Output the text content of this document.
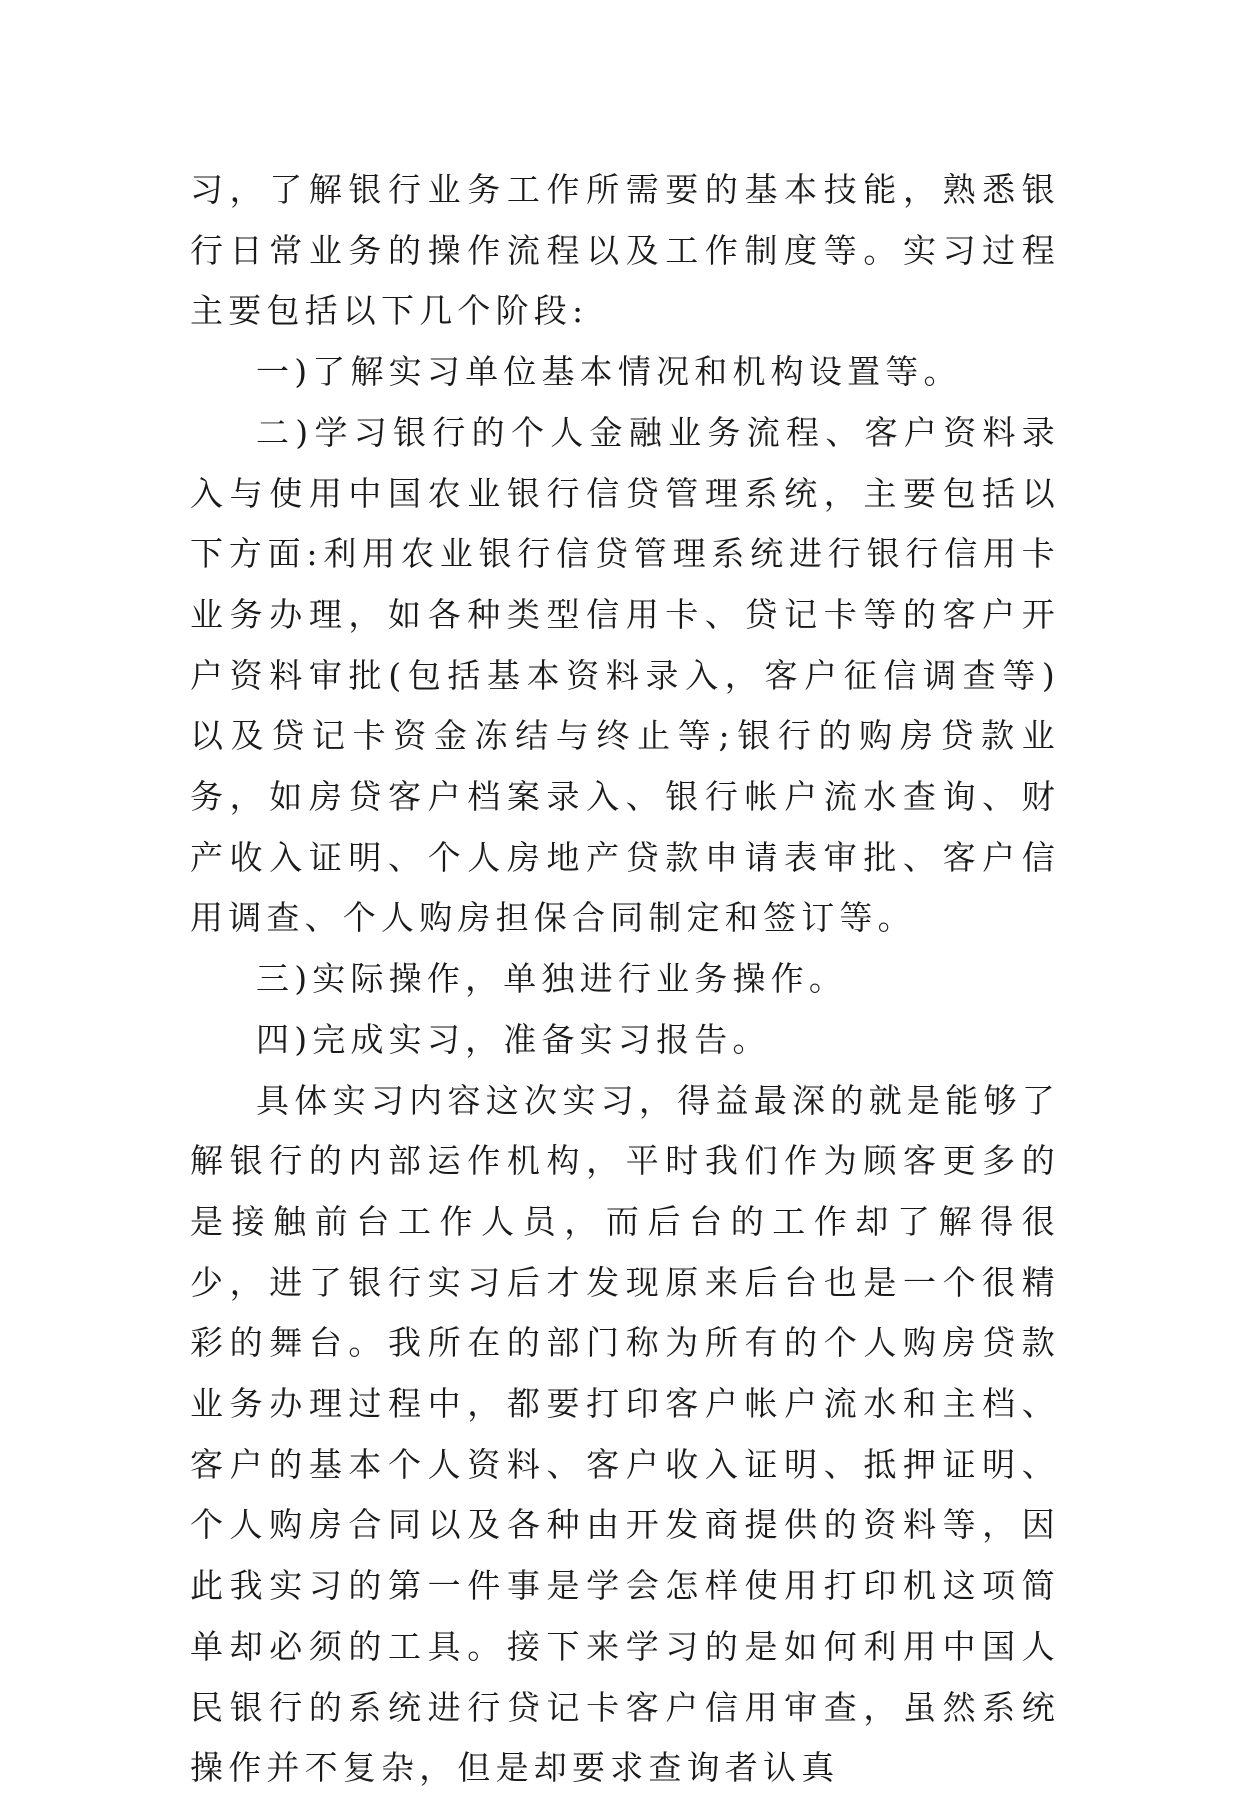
习，了解银行业务工作所需要的基本技能，熟悉银行日常业务的操作流程以及工作制度等。实习过程主要包括以下几个阶段:

一)了解实习单位基本情况和机构设置等。

二)学习银行的个人金融业务流程、客户资料录入与使用中国农业银行信贷管理系统，主要包括以下方面:利用农业银行信贷管理系统进行银行信用卡业务办理，如各种类型信用卡、贷记卡等的客户开户资料审批(包括基本资料录入，客户征信调查等)以及贷记卡资金冻结与终止等;银行的购房贷款业务，如房贷客户档案录入、银行帐户流水查询、财产收入证明、个人房地产贷款申请表审批、客户信用调查、个人购房担保合同制定和签订等。

三)实际操作，单独进行业务操作。

四)完成实习，准备实习报告。

具体实习内容这次实习，得益最深的就是能够了解银行的内部运作机构，平时我们作为顾客更多的是接触前台工作人员，而后台的工作却了解得很少，进了银行实习后才发现原来后台也是一个很精彩的舞台。我所在的部门称为所有的个人购房贷款业务办理过程中，都要打印客户帐户流水和主档、客户的基本个人资料、客户收入证明、抵押证明、个人购房合同以及各种由开发商提供的资料等，因此我实习的第一件事是学会怎样使用打印机这项简单却必须的工具。接下来学习的是如何利用中国人民银行的系统进行贷记卡客户信用审查，虽然系统操作并不复杂，但是却要求查询者认真
